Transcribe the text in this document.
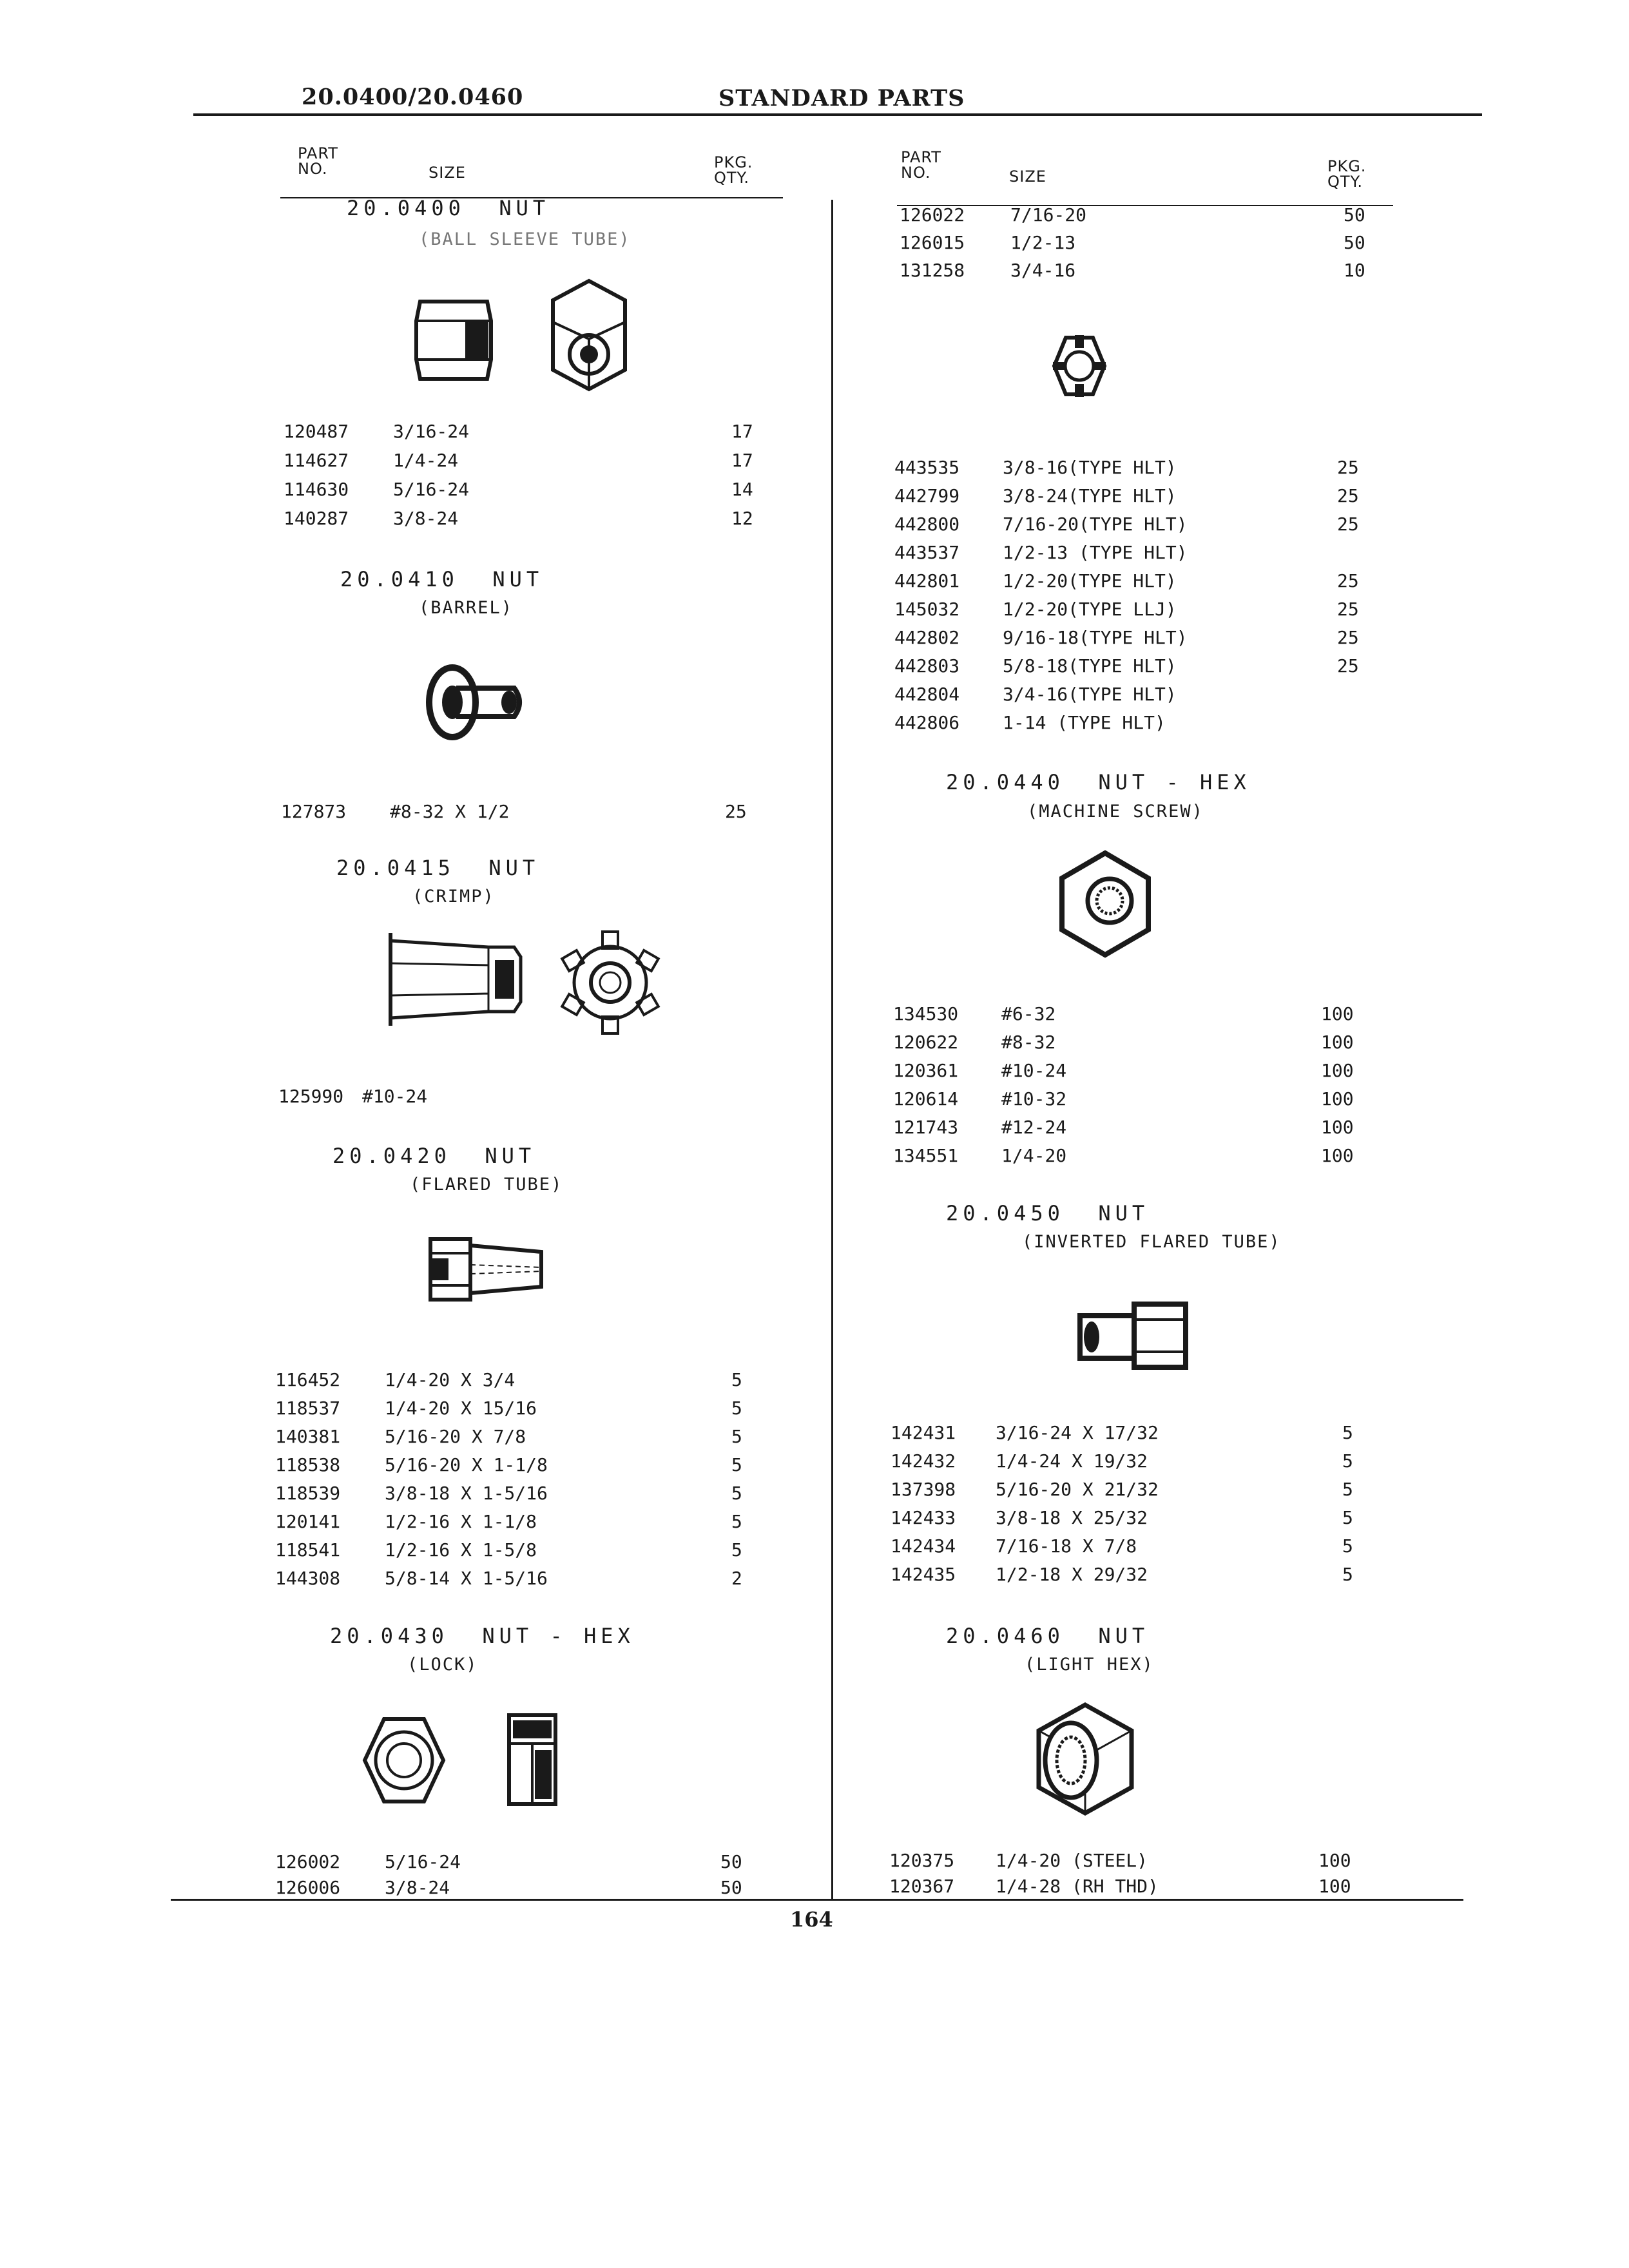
20.0400/20.0460	STANDARD PARTS
PART
NO.	SIZE
PKG.
QTY.
PART
NO.	SIZE
PKG.
QTY.
20.0400 NUT
(BALL SLEEVE TUBE)
120487 3/16-24	17
114627 1/4-24	17
114630 5/16-24	14
140287 3/8-24	12
20.0410 NUT
(BARREL)
127873 #8-32 X 1/2	25
20.0415 NUT
(CRIMP)
125990 #10-24
20.0420 NUT
(FLARED TUBE)
116452 1/4-20 X 3/4	5
118537 1/4-20 X 15/16	5
140381 5/16-20 X 7/8	5
118538 5/16-20 X 1-1/8	5
118539 3/8-18 X 1-5/16	5
120141 1/2-16 X 1-1/8	5
118541 1/2-16 X 1-5/8	5
144308 5/8-14 X 1-5/16	2
20.0430 NUT - HEX
(LOCK)
126002 5/16-24	50
126006 3/8-24	50
126022	7/16-20	50
126015	1/2-13	50
131258	3/4-16	10
443535 3/8-16(TYPE HLT)	25
442799 3/8-24(TYPE HLT)	25
442800 7/16-20(TYPE HLT)	25
443537 1/2-13 (TYPE HLT)
442801 1/2-20(TYPE HLT)	25
145032 1/2-20(TYPE LLJ)	25
442802 9/16-18(TYPE HLT)	25
442803 5/8-18(TYPE HLT)	25
442804 3/4-16(TYPE HLT)
442806 1-14 (TYPE HLT)
20.0440 NUT - HEX
(MACHINE SCREW)
134530 #6-32	100
120622 #8-32	100
120361 #10-24	100
120614 #10-32	100
121743 #12-24	100
134551 1/4-20	100
20.0450 NUT
(INVERTED FLARED TUBE)
142431 3/16-24 X 17/32	5
142432 1/4-24 X 19/32	5
137398 5/16-20 X 21/32	5
142433 3/8-18 X 25/32	5
142434 7/16-18 X 7/8	5
142435 1/2-18 X 29/32	5
20.0460 NUT
(LIGHT HEX)
120375 1/4-20 (STEEL)	100
120367 1/4-28 (RH THD)	100
164
